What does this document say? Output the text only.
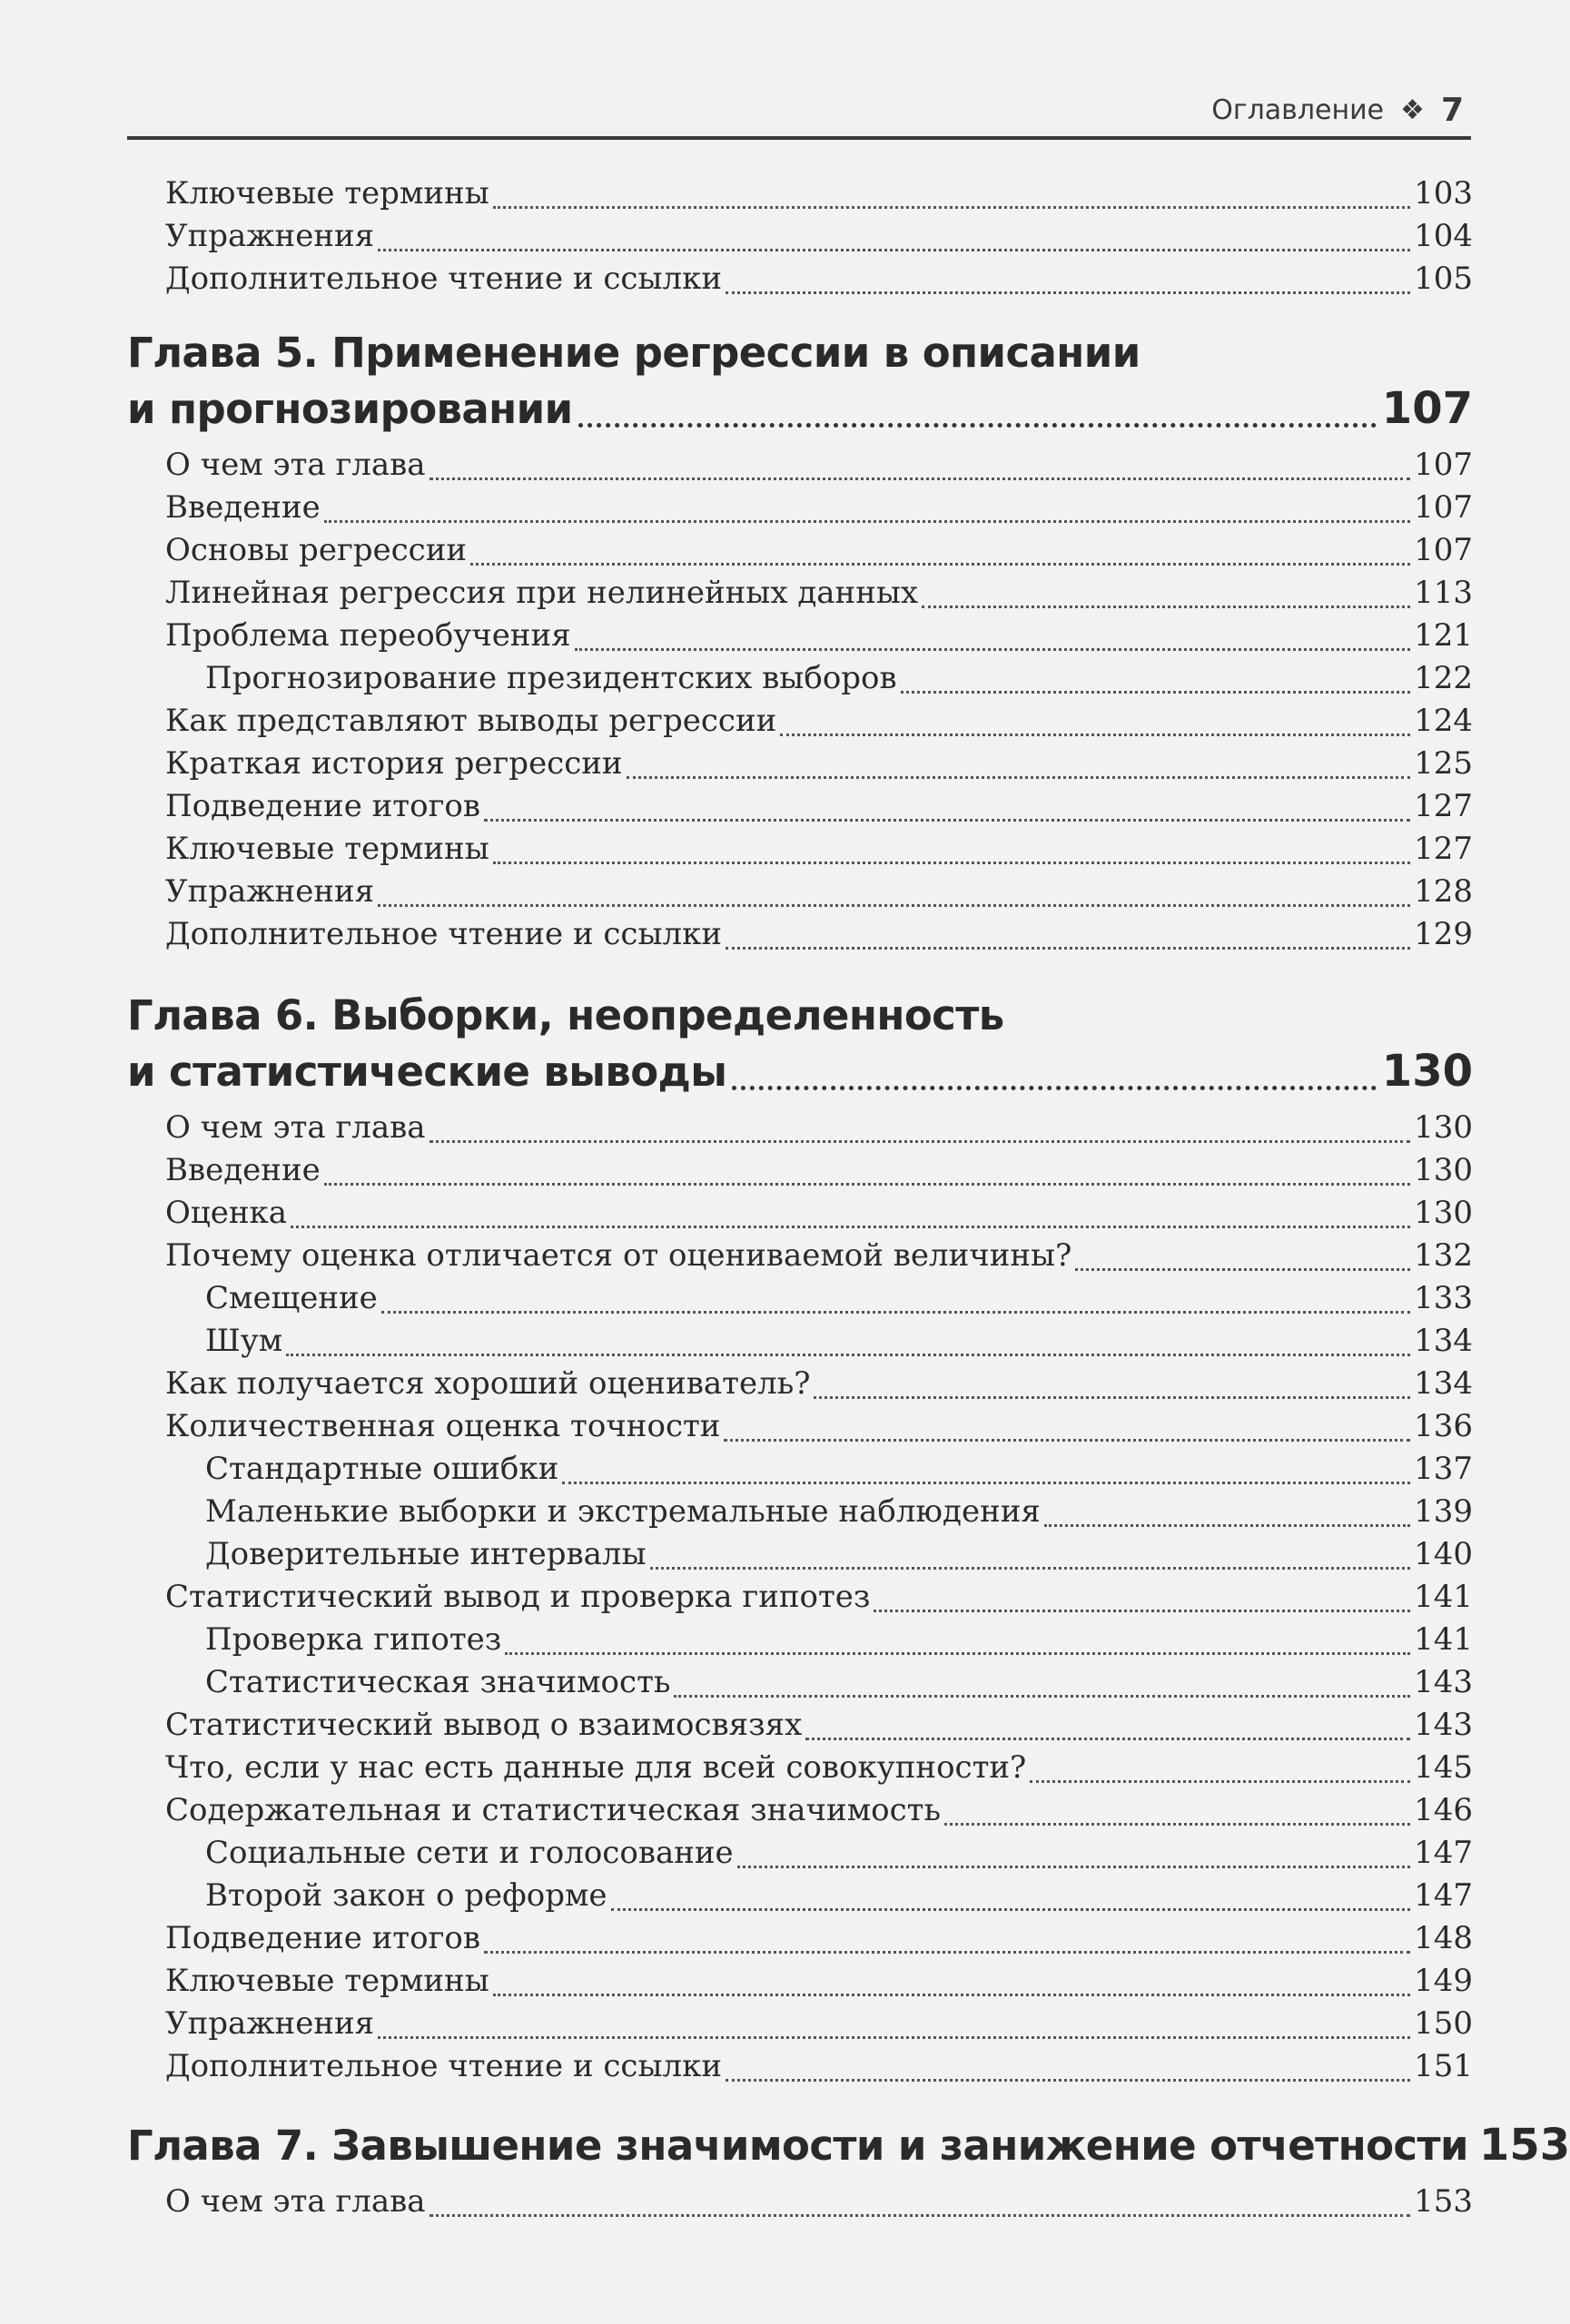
Оглавление ❖ 7
Ключевые термины	103
Упражнения	104
Дополнительное чтение и ссылки	105
Глава 5. Применение регрессии в описании
и прогнозировании	107
О чем эта глава	107
Введение	107
Основы регрессии	107
Линейная регрессия при нелинейных данных	113
Проблема переобучения	121
Прогнозирование президентских выборов	122
Как представляют выводы регрессии	124
Краткая история регрессии	125
Подведение итогов	127
Ключевые термины	127
Упражнения	128
Дополнительное чтение и ссылки	129
Глава 6. Выборки, неопределенность
и статистические выводы	130
О чем эта глава	130
Введение	130
Оценка	130
Почему оценка отличается от оцениваемой величины?	132
Смещение	133
Шум	134
Как получается хороший оцениватель?	134
Количественная оценка точности	136
Стандартные ошибки	137
Маленькие выборки и экстремальные наблюдения	139
Доверительные интервалы	140
Статистический вывод и проверка гипотез	141
Проверка гипотез	141
Статистическая значимость	143
Статистический вывод о взаимосвязях	143
Что, если у нас есть данные для всей совокупности?	145
Содержательная и статистическая значимость	146
Социальные сети и голосование	147
Второй закон о реформе	147
Подведение итогов	148
Ключевые термины	149
Упражнения	150
Дополнительное чтение и ссылки	151
Глава 7. Завышение значимости и занижение отчетности 153
О чем эта глава	153
